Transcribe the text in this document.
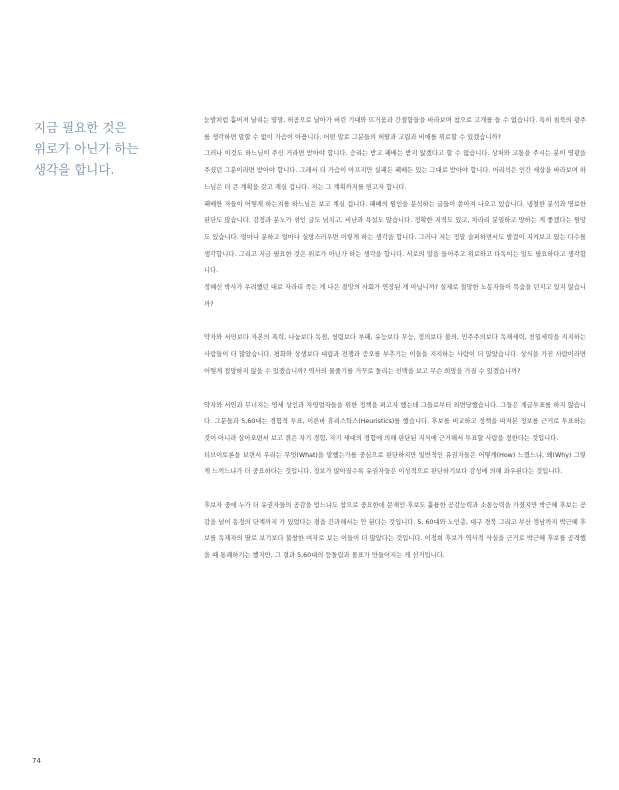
지금 필요한 것은
위로가 아닌가 하는
생각을 합니다.

눈발처럼 흩어져 날리는 열망, 허공으로 날아가 버린 기대와 뜨거움과 간절함들을 바라보며 참으로 고개를 들 수 없습니다. 특히 침묵의 광주를 생각하면 말할 수 없이 가슴이 아픕니다. 어떤 말로 그분들의 허탈과 고립과 비애를 위로할 수 있겠습니까?

그러나 이것도 하느님이 주신 거라면 받아야 합니다. 승리는 받고 패배는 받지 않겠다고 할 수 없습니다. 상처와 고통을 주시는 분이 영광을 주셨던 그분이라면 받아야 합니다. 그래서 더 가슴이 아프지만 실패든 패배든 있는 그대로 받아야 합니다. 어리석은 인간 세상을 바라보며 하느님은 더 큰 계획을 갖고 계실 겁니다. 저는 그 계획까지를 믿고자 합니다.

패배한 자들이 어떻게 하는지를 하느님은 보고 계실 겁니다. 패배의 원인을 분석하는 글들이 쏟아져 나오고 있습니다. 냉철한 분석과 명료한 판단도 많습니다. 감정과 분노가 섞인 글도 넘치고, 비난과 욕설도 많습니다. 정확한 지적도 있고, 차라리 분열하고 망하는 게 좋겠다는 원망도 있습니다. 얼마나 분하고 얼마나 실망스러우면 이렇게 하는 생각을 합니다. 그러나 저는 정말 슬퍼하면서도 발걸이 지켜보고 있는 다수를 생각합니다. 그리고 지금 필요한 것은 위로가 아닌가 하는 생각을 합니다. 서로의 말을 들어주고 위로하고 다독이는 일도 필요하다고 생각합니다.

정혜신 박사가 우려했던 대로 자라리 죽는 게 나은 절망의 사회가 연장된 게 아닙니까? 실제로 절망한 노동자들이 목숨을 던지고 있지 않습니까?

약자와 서민보다 자본의 폭력, 나눔보다 독점, 청렴보다 부패, 유능보다 무능, 정의보다 불의, 민주주의보다 독재세력, 친일세력을 지지하는 사람들이 더 많았습니다. 평화와 상생보다 대립과 전쟁과 증오를 부추기는 이들을 지지하는 사람이 더 많았습니다. 상식을 가진 사람이라면 어떻게 절망하지 않을 수 있겠습니까? 역사의 물줄기를 거꾸로 돌리는 선택을 보고 무슨 희망을 가질 수 있겠습니까?

약자와 서민과 무너지는 영세 상인과 자영업자들을 위한 정책을 펴고자 했는데 그들로부터 외면당했습니다. 그들은 계급투표를 하지 않습니다. 그분들과 5,60대는 경험적 투표, 이른바 휴리스틱스(Heuristics)를 했습니다. 후보를 비교하고 정책을 따져본 정보를 근거로 투표하는 것이 아니라 살아오면서 보고 겪은 자기 경험, 자기 세대의 경험에 의해 판단된 지식에 근거해서 투표할 사람을 정한다는 것입니다.

티브이토론을 보면서 우리는 무엇(What)을 말했는가를 중심으로 판단하지만 일반적인 유권자들은 어떻게(How) 느꼈느냐, 왜(Why) 그렇게 느끼느냐가 더 중요하다는 것입니다. 정보가 많아질수록 유권자들은 이성적으로 판단하기보다 감성에 의해 좌우된다는 것입니다.

후보자 중에 누가 더 유권자들의 공감을 얻느냐도 참으로 중요한데 문재인 후보도 훌륭한 공감능력과 소통능력을 가졌지만 박근혜 후보는 공감을 넘어 동정의 단계까지 가 있었다는 점을 간과해서는 안 된다는 것입니다. 5, 60대와 노인층, 대구 경북 그리고 부산 경남까지 박근혜 후보를 독재자의 딸로 보기보다 불쌍한 여자로 보는 이들이 더 많았다는 것입니다. 이정희 후보가 역사적 사실을 근거로 박근혜 후보를 공격했을 때 통쾌하기는 했지만, 그 결과 5,60대의 등돌림과 몰표가 만들어지는 게 선거입니다.

74
